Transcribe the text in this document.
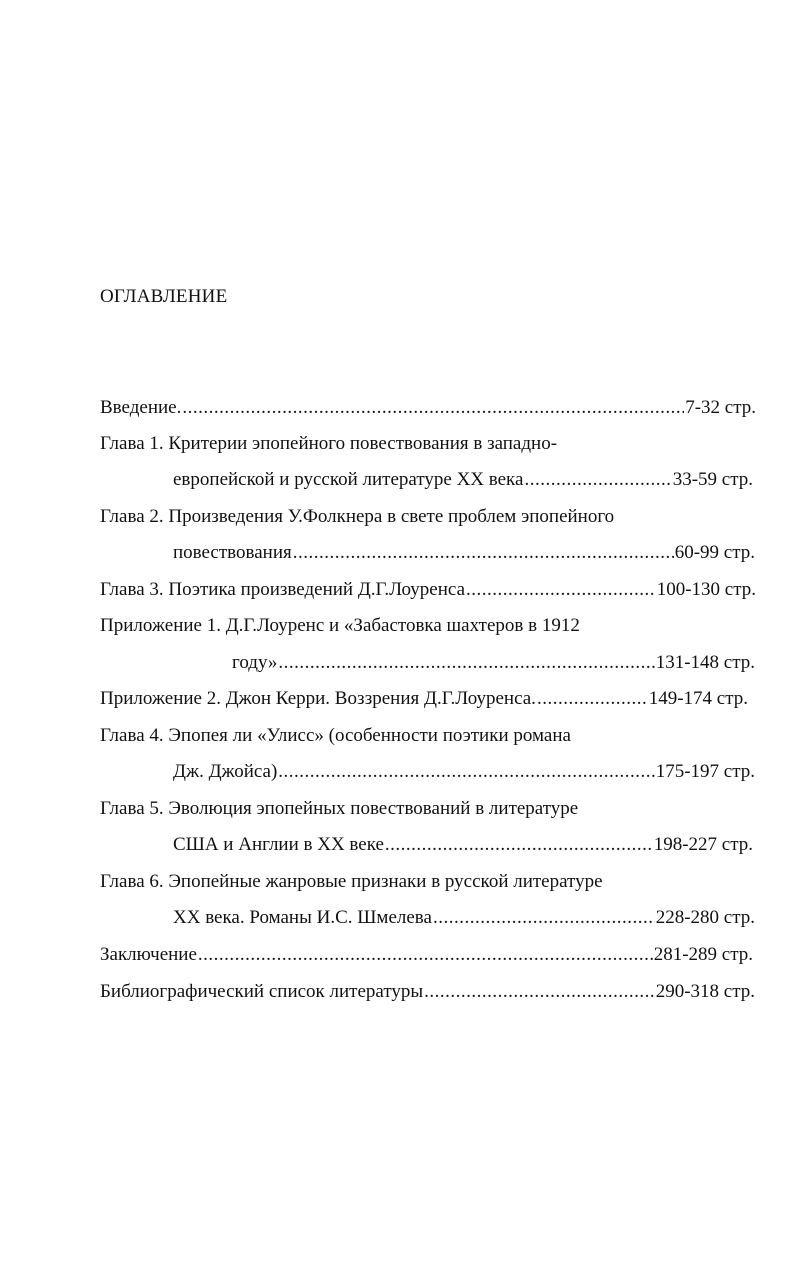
ОГЛАВЛЕНИЕ
Введение. .....	7-32 стр.
Глава 1. Критерии эпопейного повествования в западно-
европейской и русской литературе XX века .....	33-59 стр.
Глава 2. Произведения У.Фолкнера в свете проблем эпопейного
повествования .....	60-99 стр.
Глава 3. Поэтика произведений Д.Г.Лоуренса .....	100-130 стр.
Приложение 1. Д.Г.Лоуренс и «Забастовка шахтеров в 1912
году» .....	131-148 стр.
Приложение 2. Джон Керри. Воззрения Д.Г.Лоуренса. .....	149-174 стр.
Глава 4. Эпопея ли «Улисс» (особенности поэтики романа
Дж. Джойса) .....	175-197 стр.
Глава 5. Эволюция эпопейных повествований в литературе
США и Англии в XX веке .....	198-227 стр.
Глава 6. Эпопейные жанровые признаки в русской литературе
XX века. Романы И.С. Шмелева .....	228-280 стр.
Заключение .....	281-289 стр.
Библиографический список литературы .....	290-318 стр.
